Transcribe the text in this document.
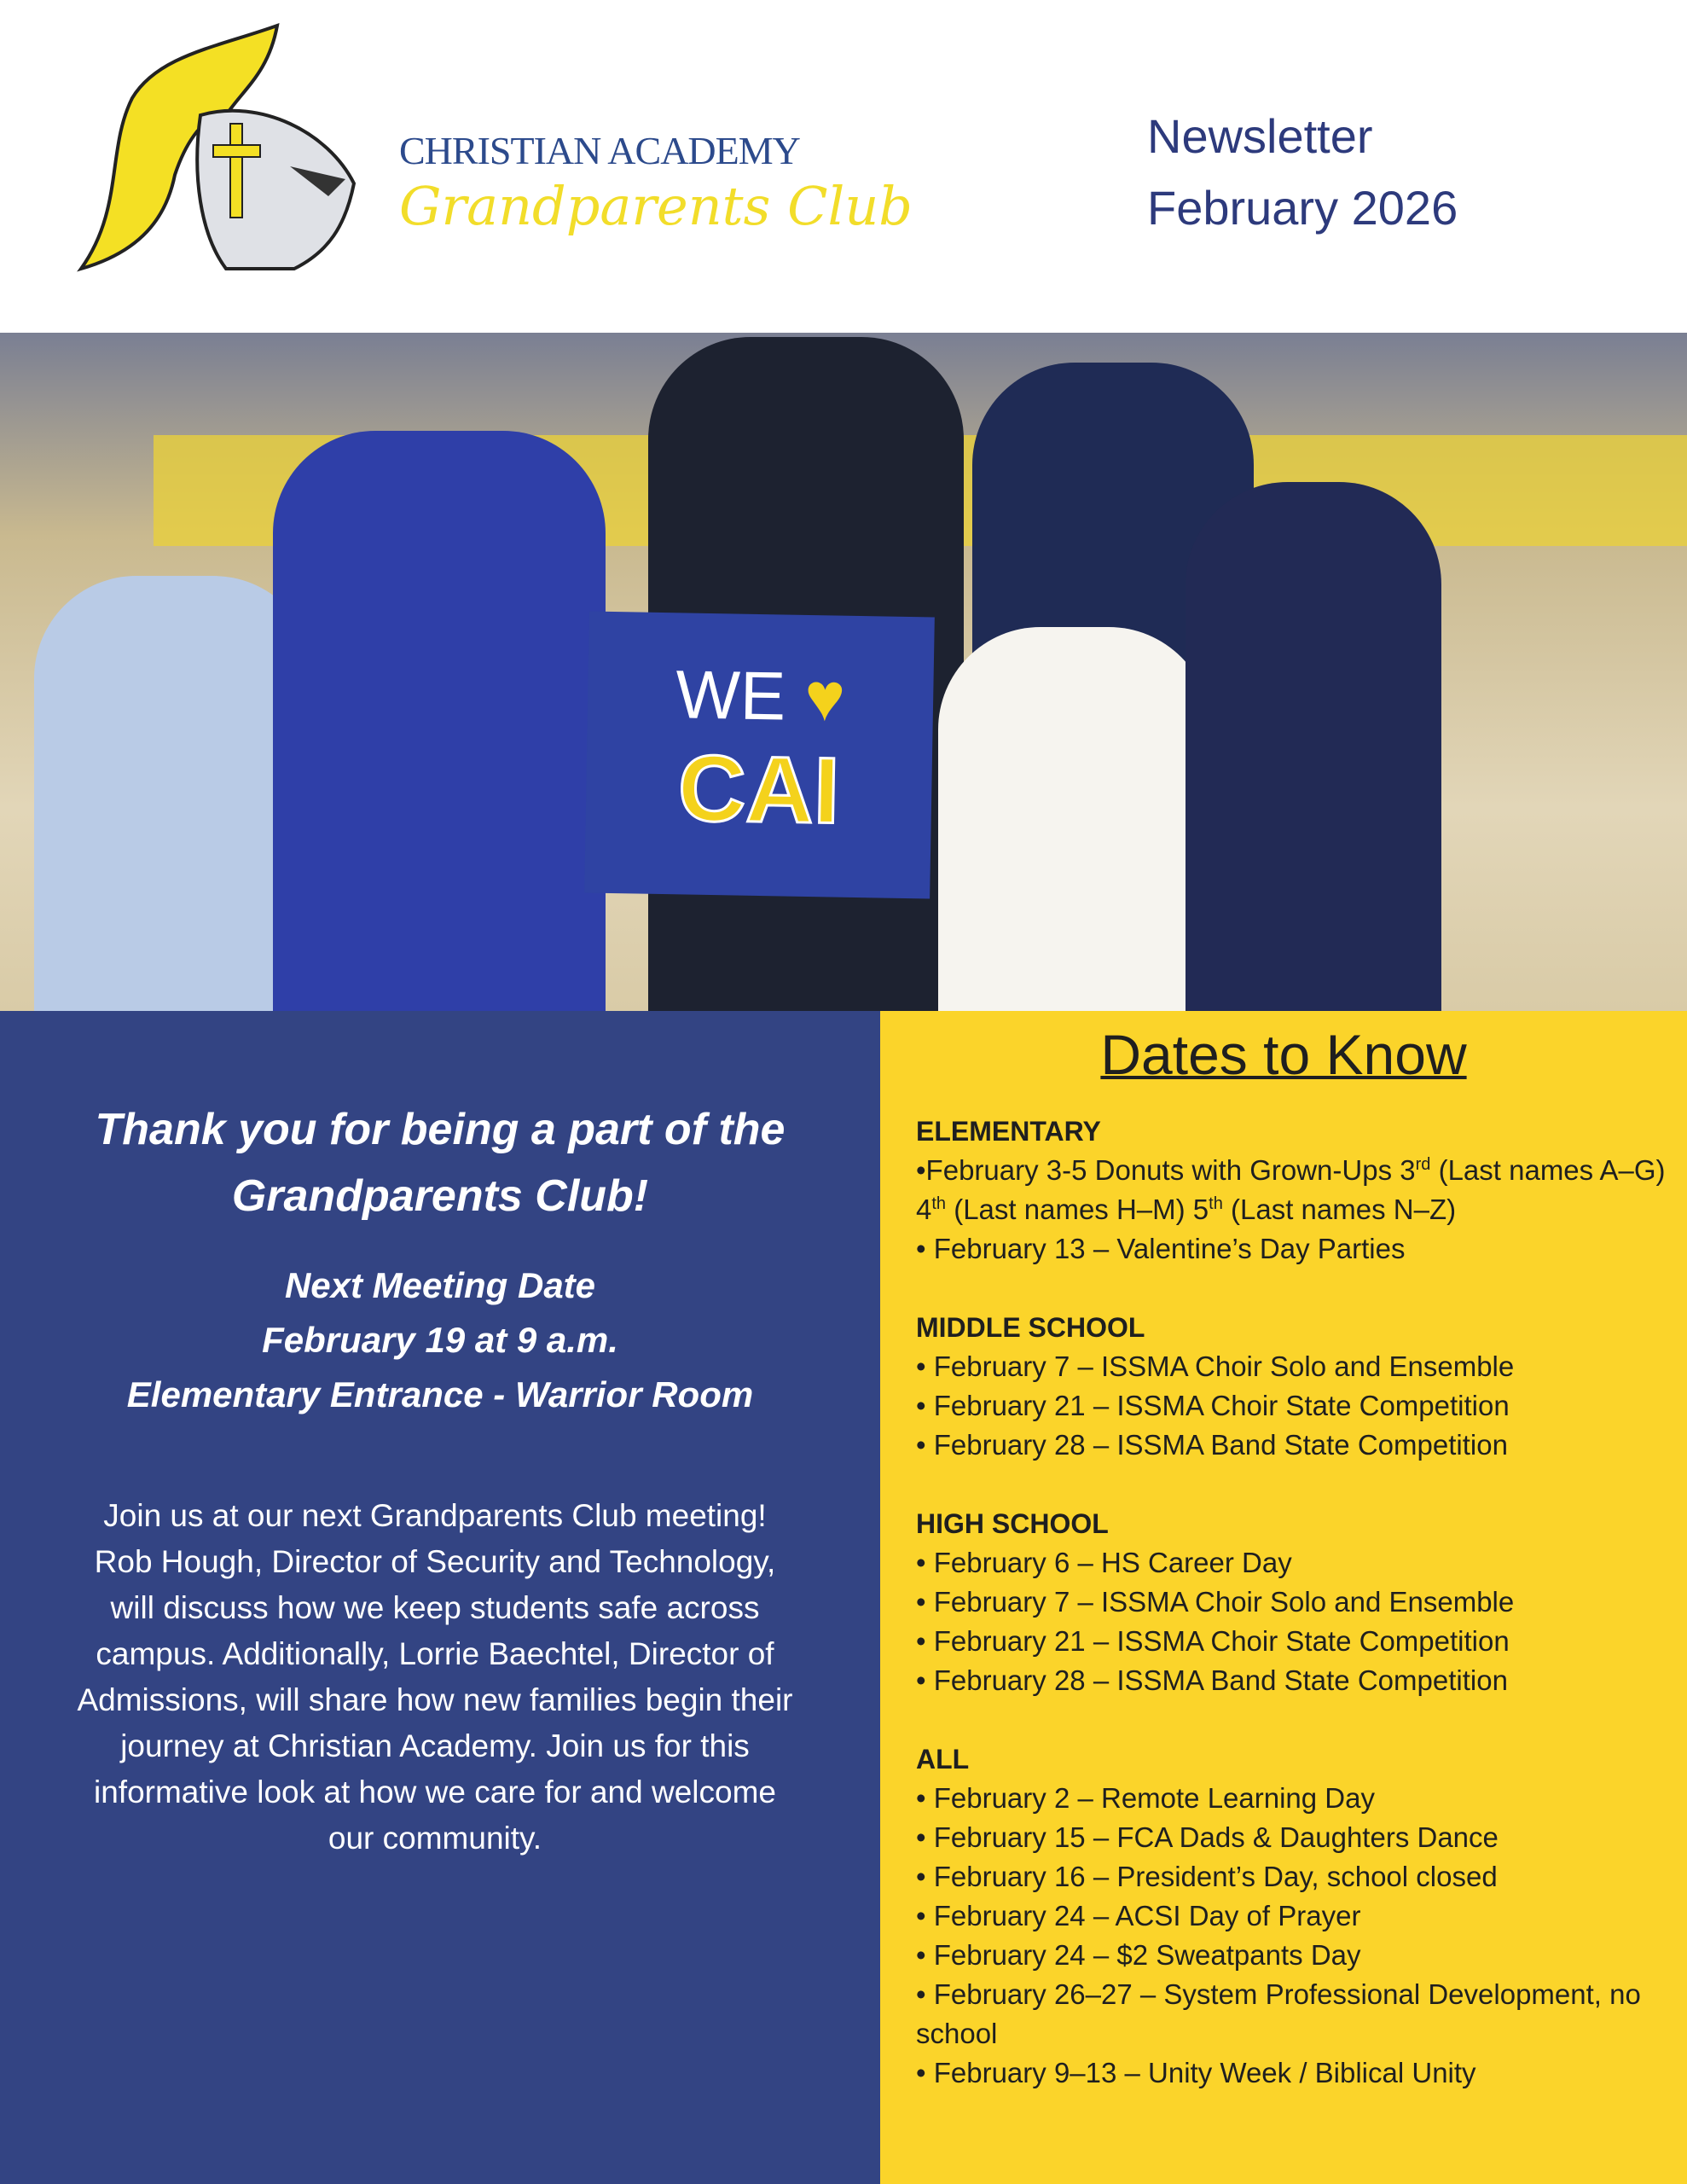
CHRISTIAN ACADEMY
Grandparents Club
Newsletter
February 2026
WE ♥
CAI
Thank you for being a part of the Grandparents Club!
Next Meeting Date
February 19 at 9 a.m.
Elementary Entrance - Warrior Room
Join us at our next Grandparents Club meeting! Rob Hough, Director of Security and Technology, will discuss how we keep students safe across campus. Additionally, Lorrie Baechtel, Director of Admissions, will share how new families begin their journey at Christian Academy. Join us for this informative look at how we care for and welcome our community.
Dates to Know
ELEMENTARY
•February 3-5 Donuts with Grown-Ups 3rd (Last names A–G) 4th (Last names H–M) 5th (Last names N–Z)
• February 13 – Valentine’s Day Parties
MIDDLE SCHOOL
• February 7 – ISSMA Choir Solo and Ensemble
• February 21 – ISSMA Choir State Competition
• February 28 – ISSMA Band State Competition
HIGH SCHOOL
• February 6 – HS Career Day
• February 7 – ISSMA Choir Solo and Ensemble
• February 21 – ISSMA Choir State Competition
• February 28 – ISSMA Band State Competition
ALL
• February 2 – Remote Learning Day
• February 15 – FCA Dads & Daughters Dance
• February 16 – President’s Day, school closed
• February 24 – ACSI Day of Prayer
• February 24 – $2 Sweatpants Day
• February 26–27 – System Professional Development, no school
• February 9–13 – Unity Week / Biblical Unity
